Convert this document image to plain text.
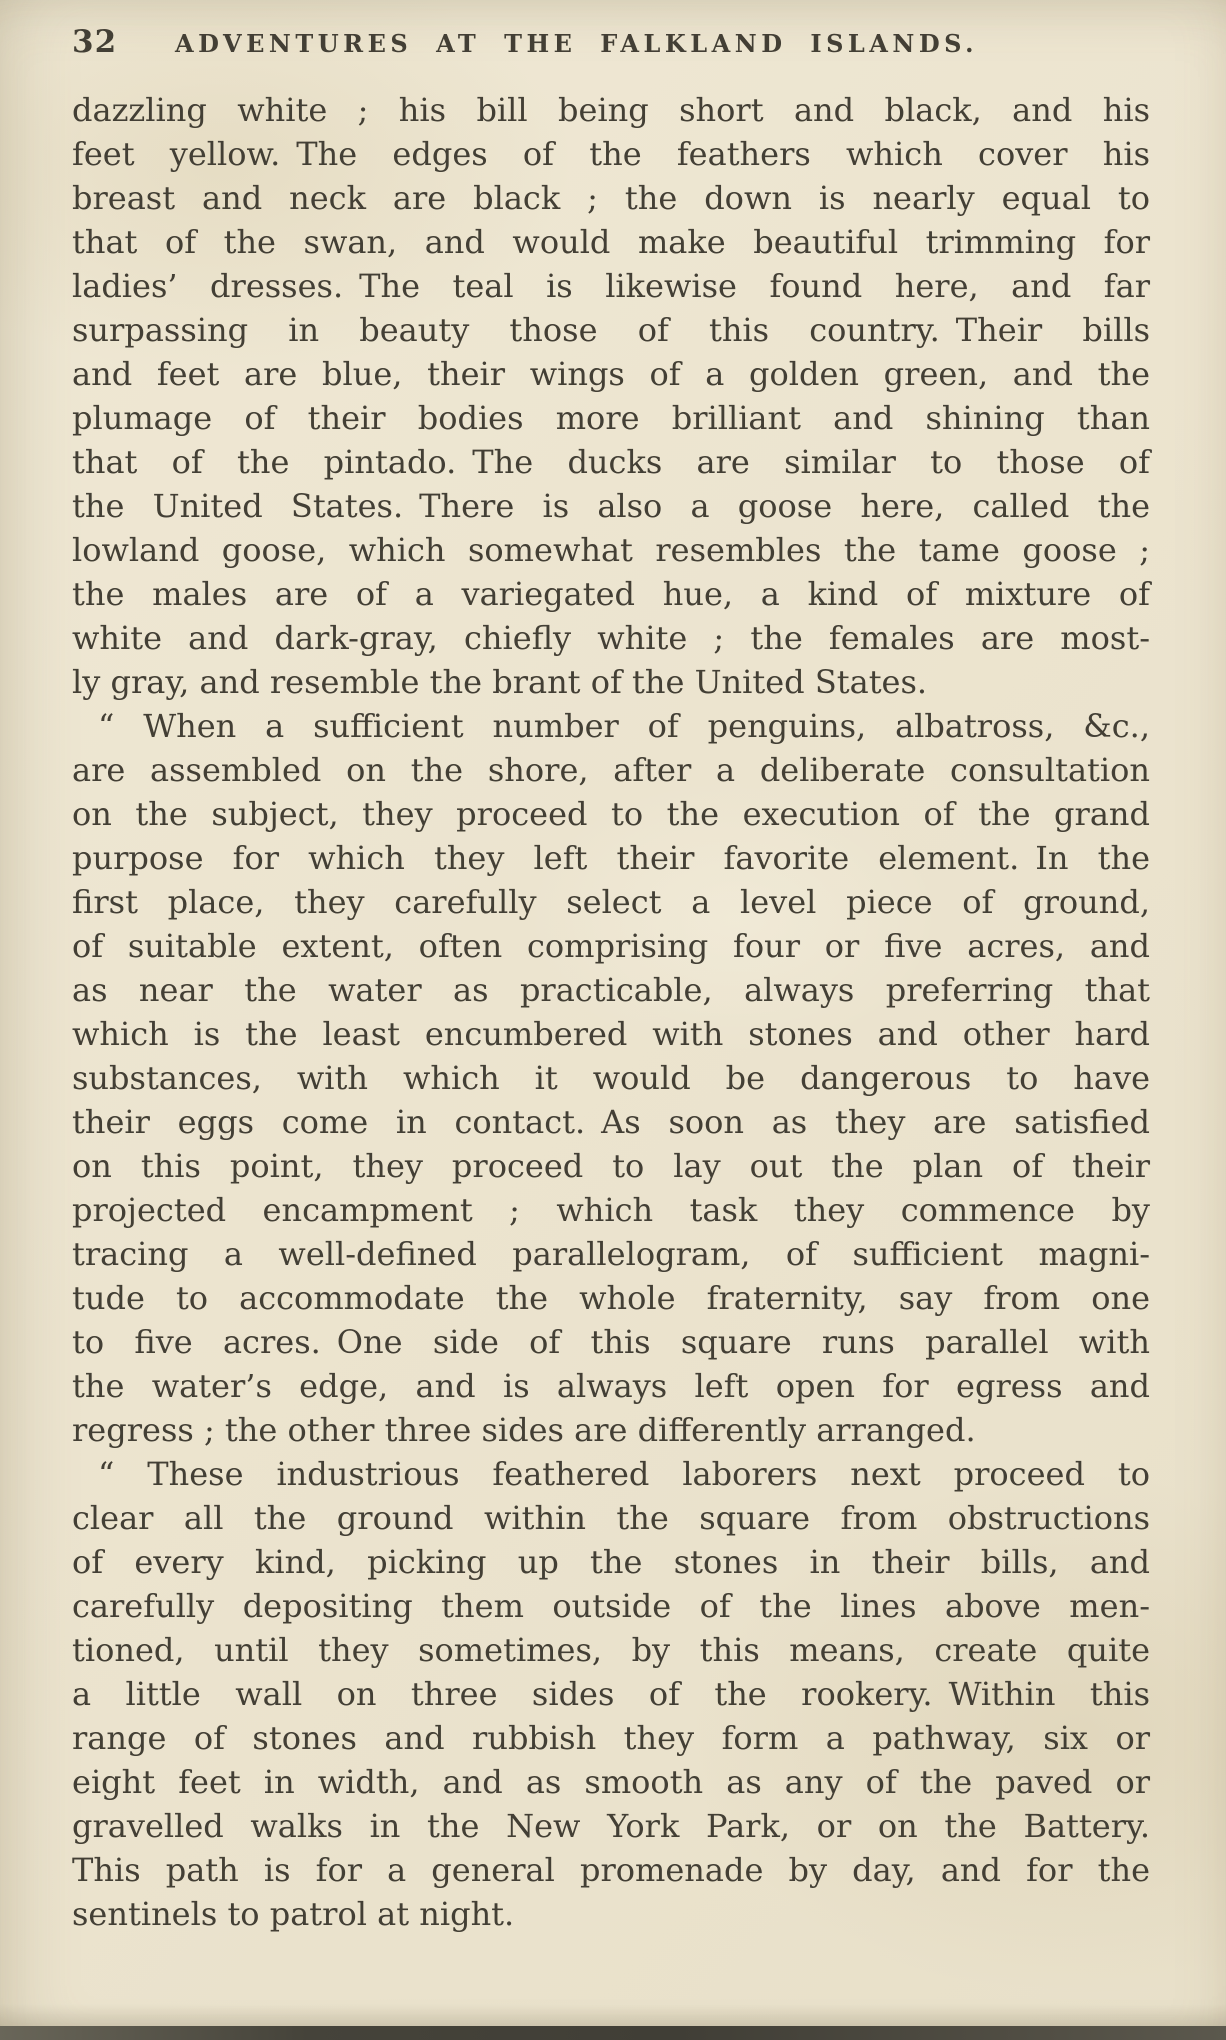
32 ADVENTURES AT THE FALKLAND ISLANDS.
dazzling white ; his bill being short and black, and his
feet yellow. The edges of the feathers which cover his
breast and neck are black ; the down is nearly equal to
that of the swan, and would make beautiful trimming for
ladies’ dresses. The teal is likewise found here, and far
surpassing in beauty those of this country. Their bills
and feet are blue, their wings of a golden green, and the
plumage of their bodies more brilliant and shining than
that of the pintado. The ducks are similar to those of
the United States. There is also a goose here, called the
lowland goose, which somewhat resembles the tame goose ;
the males are of a variegated hue, a kind of mixture of
white and dark-gray, chiefly white ; the females are most-
ly gray, and resemble the brant of the United States.
“ When a sufficient number of penguins, albatross, &c.,
are assembled on the shore, after a deliberate consultation
on the subject, they proceed to the execution of the grand
purpose for which they left their favorite element. In the
first place, they carefully select a level piece of ground,
of suitable extent, often comprising four or five acres, and
as near the water as practicable, always preferring that
which is the least encumbered with stones and other hard
substances, with which it would be dangerous to have
their eggs come in contact. As soon as they are satisfied
on this point, they proceed to lay out the plan of their
projected encampment ; which task they commence by
tracing a well-defined parallelogram, of sufficient magni-
tude to accommodate the whole fraternity, say from one
to five acres. One side of this square runs parallel with
the water’s edge, and is always left open for egress and
regress ; the other three sides are differently arranged.
“ These industrious feathered laborers next proceed to
clear all the ground within the square from obstructions
of every kind, picking up the stones in their bills, and
carefully depositing them outside of the lines above men-
tioned, until they sometimes, by this means, create quite
a little wall on three sides of the rookery. Within this
range of stones and rubbish they form a pathway, six or
eight feet in width, and as smooth as any of the paved or
gravelled walks in the New York Park, or on the Battery.
This path is for a general promenade by day, and for the
sentinels to patrol at night.
